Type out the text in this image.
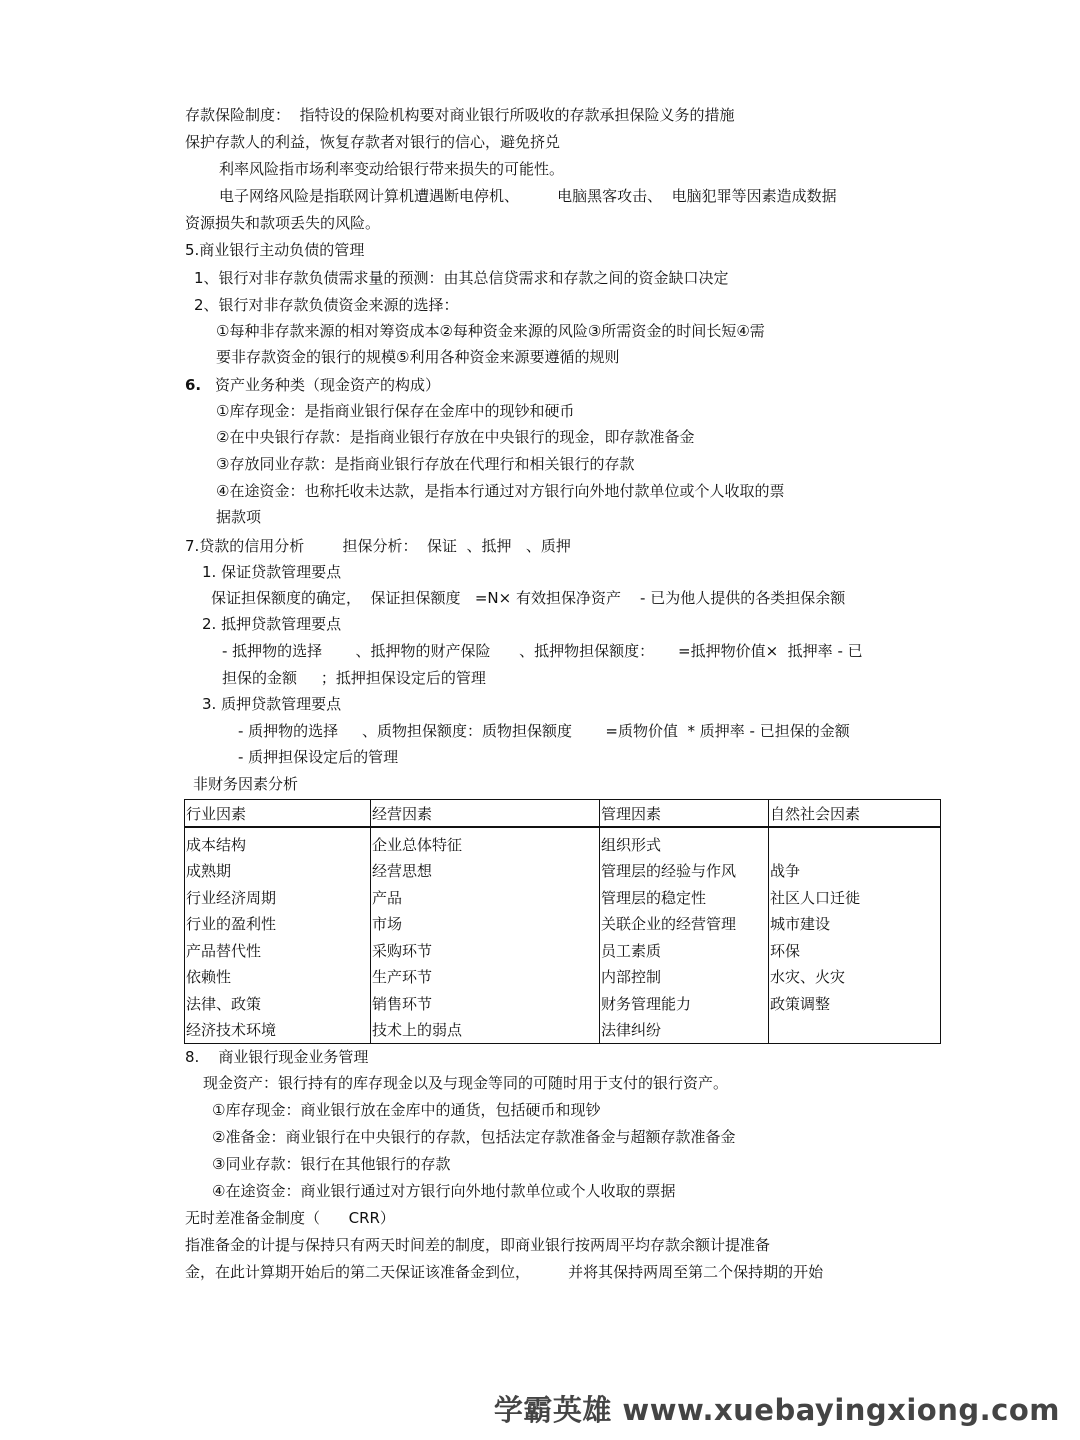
存款保险制度：  指特设的保险机构要对商业银行所吸收的存款承担保险义务的措施
保护存款人的利益，恢复存款者对银行的信心，避免挤兑
利率风险指市场利率变动给银行带来损失的可能性。
电子网络风险是指联网计算机遭遇断电停机、        电脑黑客攻击、  电脑犯罪等因素造成数据
资源损失和款项丢失的风险。
5.商业银行主动负债的管理
1、银行对非存款负债需求量的预测：由其总信贷需求和存款之间的资金缺口决定
2、银行对非存款负债资金来源的选择：
①每种非存款来源的相对筹资成本②每种资金来源的风险③所需资金的时间长短④需
要非存款资金的银行的规模⑤利用各种资金来源要遵循的规则
6. 资产业务种类（现金资产的构成）
①库存现金：是指商业银行保存在金库中的现钞和硬币
②在中央银行存款：是指商业银行存放在中央银行的现金，即存款准备金
③存放同业存款：是指商业银行存放在代理行和相关银行的存款
④在途资金：也称托收未达款，是指本行通过对方银行向外地付款单位或个人收取的票
据款项
7.贷款的信用分析        担保分析：  保证  、抵押   、质押
1. 保证贷款管理要点
保证担保额度的确定，  保证担保额度   =N× 有效担保净资产    - 已为他人提供的各类担保余额
2. 抵押贷款管理要点
- 抵押物的选择       、抵押物的财产保险      、抵押物担保额度：     =抵押物价值×  抵押率 - 已
担保的金额     ；抵押担保设定后的管理
3. 质押贷款管理要点
- 质押物的选择     、质物担保额度：质物担保额度       =质物价值  * 质押率 - 已担保的金额
- 质押担保设定后的管理
非财务因素分析
行业因素	经营因素	管理因素	自然社会因素
成本结构	企业总体特征	组织形式	
成熟期	经营思想	管理层的经验与作风	战争
行业经济周期	产品	管理层的稳定性	社区人口迁徙
行业的盈利性	市场	关联企业的经营管理	城市建设
产品替代性	采购环节	员工素质	环保
依赖性	生产环节	内部控制	水灾、火灾
法律、政策	销售环节	财务管理能力	政策调整
经济技术环境	技术上的弱点	法律纠纷	
8.    商业银行现金业务管理
现金资产：银行持有的库存现金以及与现金等同的可随时用于支付的银行资产。
①库存现金：商业银行放在金库中的通货，包括硬币和现钞
②准备金：商业银行在中央银行的存款，包括法定存款准备金与超额存款准备金
③同业存款：银行在其他银行的存款
④在途资金：商业银行通过对方银行向外地付款单位或个人收取的票据
无时差准备金制度（      CRR）
指准备金的计提与保持只有两天时间差的制度，即商业银行按两周平均存款余额计提准备
金，在此计算期开始后的第二天保证该准备金到位，        并将其保持两周至第二个保持期的开始
学霸英雄 www.xuebayingxiong.com
